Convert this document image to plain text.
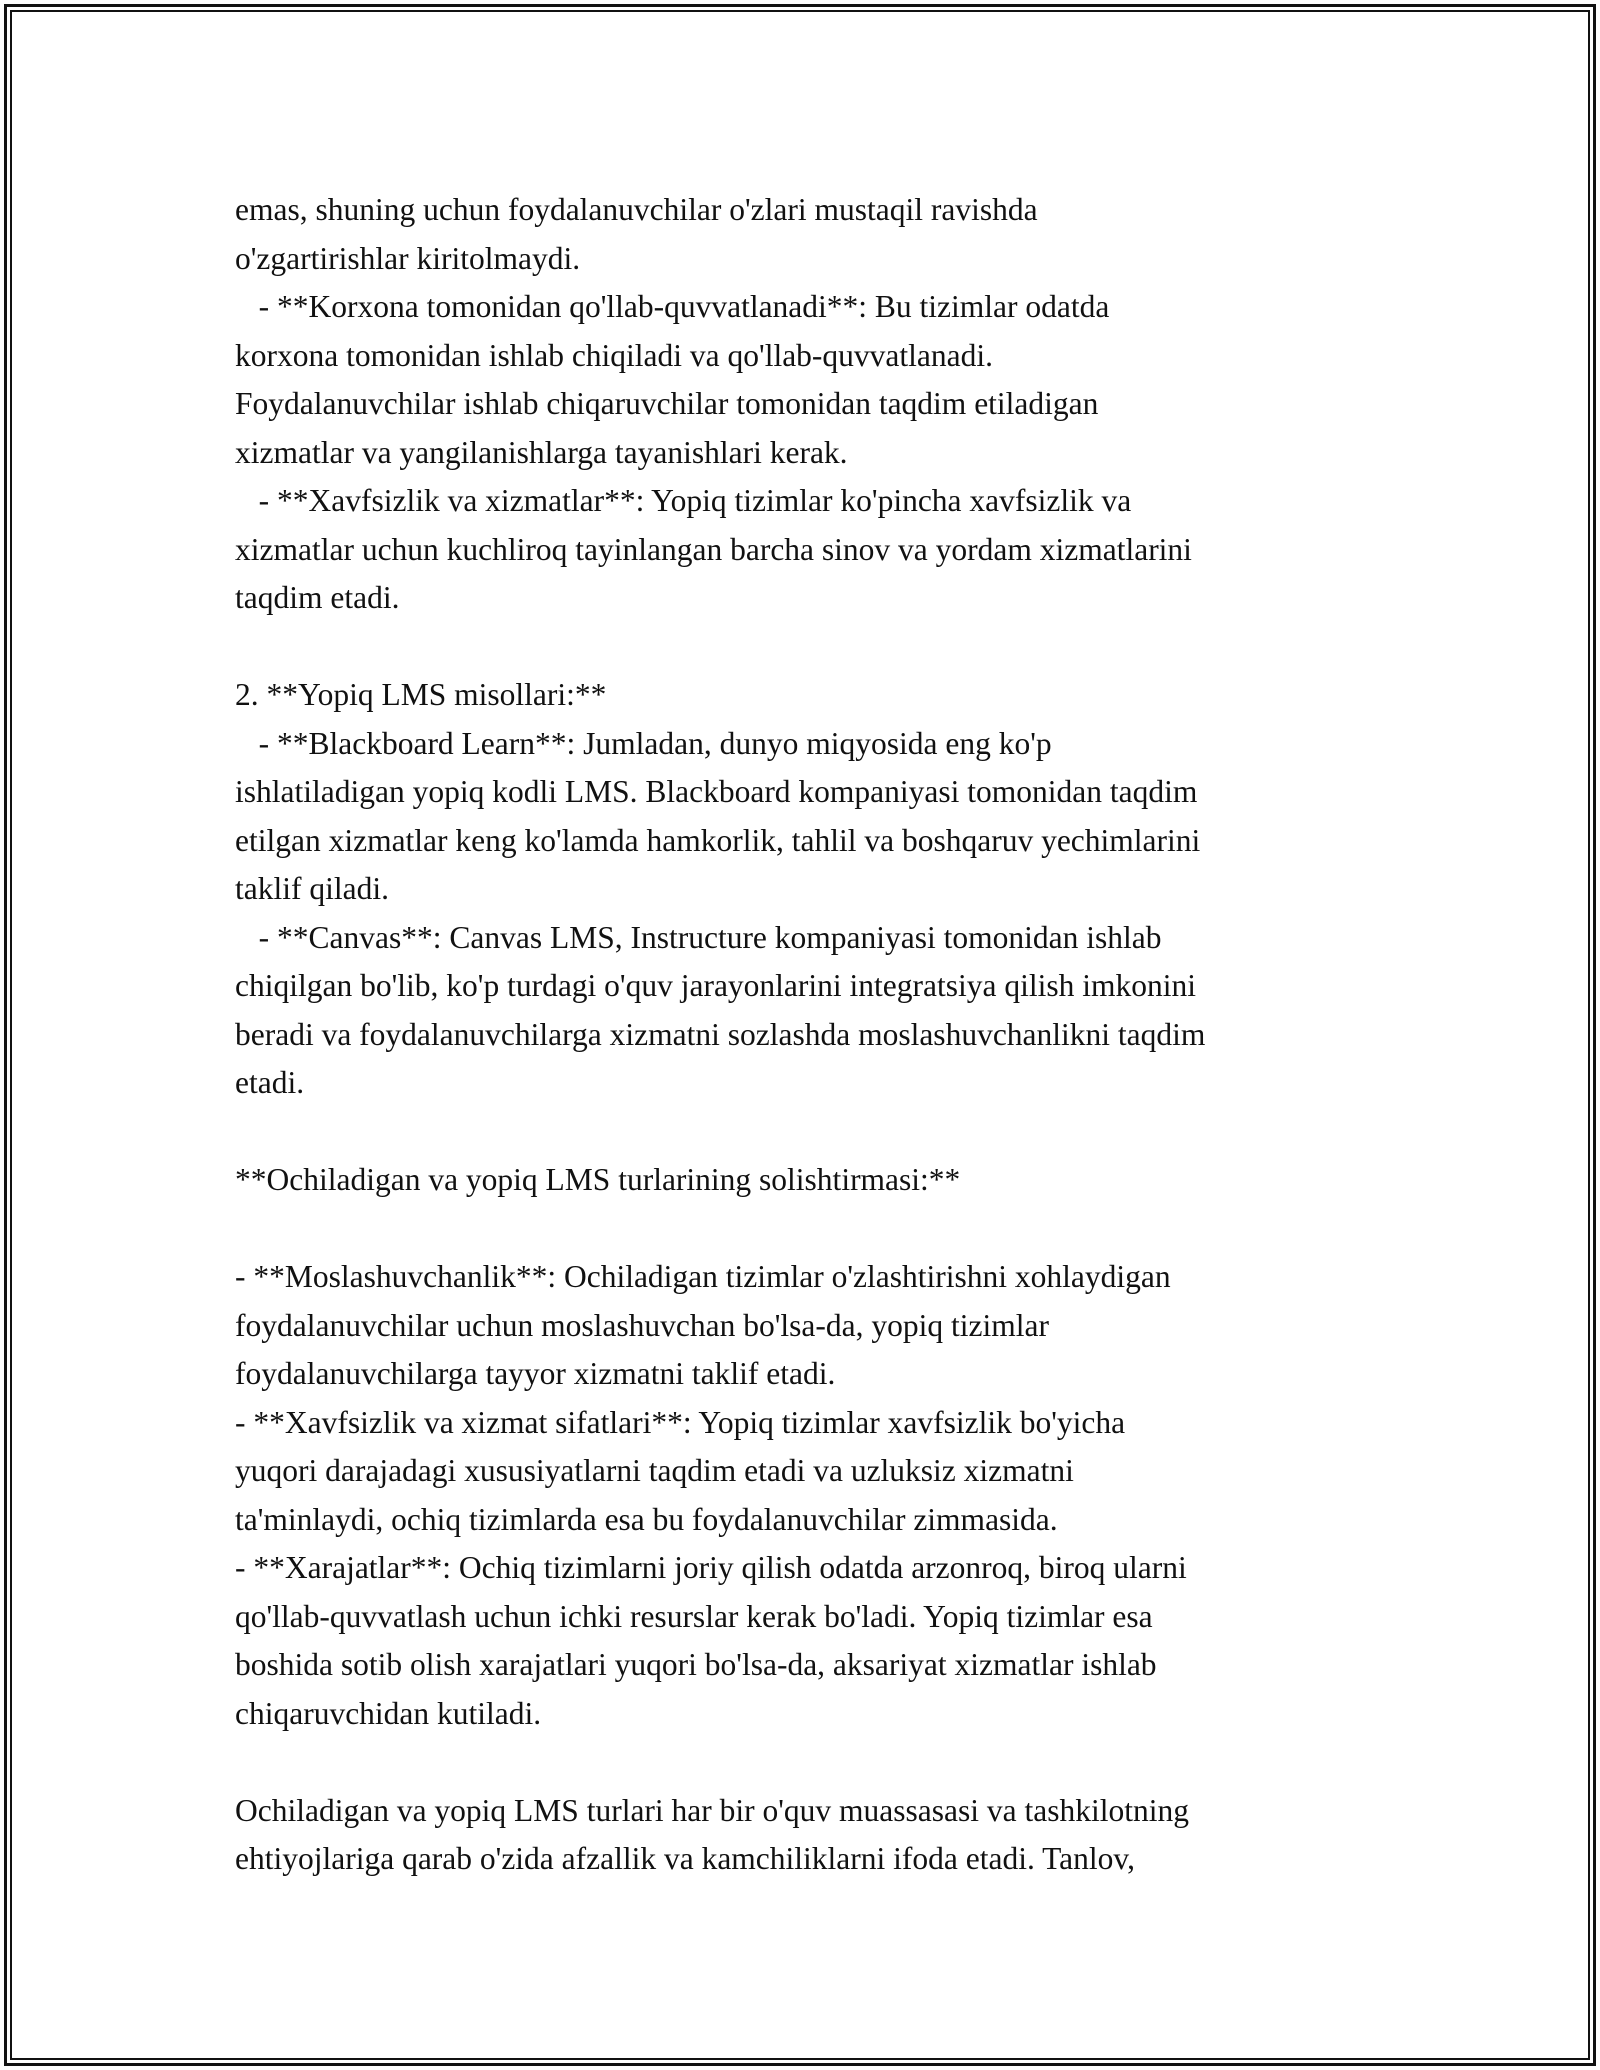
emas, shuning uchun foydalanuvchilar o'zlari mustaqil ravishda
o'zgartirishlar kiritolmaydi.
- **Korxona tomonidan qo'llab-quvvatlanadi**: Bu tizimlar odatda
korxona tomonidan ishlab chiqiladi va qo'llab-quvvatlanadi.
Foydalanuvchilar ishlab chiqaruvchilar tomonidan taqdim etiladigan
xizmatlar va yangilanishlarga tayanishlari kerak.
- **Xavfsizlik va xizmatlar**: Yopiq tizimlar ko'pincha xavfsizlik va
xizmatlar uchun kuchliroq tayinlangan barcha sinov va yordam xizmatlarini
taqdim etadi.
2. **Yopiq LMS misollari:**
- **Blackboard Learn**: Jumladan, dunyo miqyosida eng ko'p
ishlatiladigan yopiq kodli LMS. Blackboard kompaniyasi tomonidan taqdim
etilgan xizmatlar keng ko'lamda hamkorlik, tahlil va boshqaruv yechimlarini
taklif qiladi.
- **Canvas**: Canvas LMS, Instructure kompaniyasi tomonidan ishlab
chiqilgan bo'lib, ko'p turdagi o'quv jarayonlarini integratsiya qilish imkonini
beradi va foydalanuvchilarga xizmatni sozlashda moslashuvchanlikni taqdim
etadi.
**Ochiladigan va yopiq LMS turlarining solishtirmasi:**
- **Moslashuvchanlik**: Ochiladigan tizimlar o'zlashtirishni xohlaydigan
foydalanuvchilar uchun moslashuvchan bo'lsa-da, yopiq tizimlar
foydalanuvchilarga tayyor xizmatni taklif etadi.
- **Xavfsizlik va xizmat sifatlari**: Yopiq tizimlar xavfsizlik bo'yicha
yuqori darajadagi xususiyatlarni taqdim etadi va uzluksiz xizmatni
ta'minlaydi, ochiq tizimlarda esa bu foydalanuvchilar zimmasida.
- **Xarajatlar**: Ochiq tizimlarni joriy qilish odatda arzonroq, biroq ularni
qo'llab-quvvatlash uchun ichki resurslar kerak bo'ladi. Yopiq tizimlar esa
boshida sotib olish xarajatlari yuqori bo'lsa-da, aksariyat xizmatlar ishlab
chiqaruvchidan kutiladi.
Ochiladigan va yopiq LMS turlari har bir o'quv muassasasi va tashkilotning
ehtiyojlariga qarab o'zida afzallik va kamchiliklarni ifoda etadi. Tanlov,
